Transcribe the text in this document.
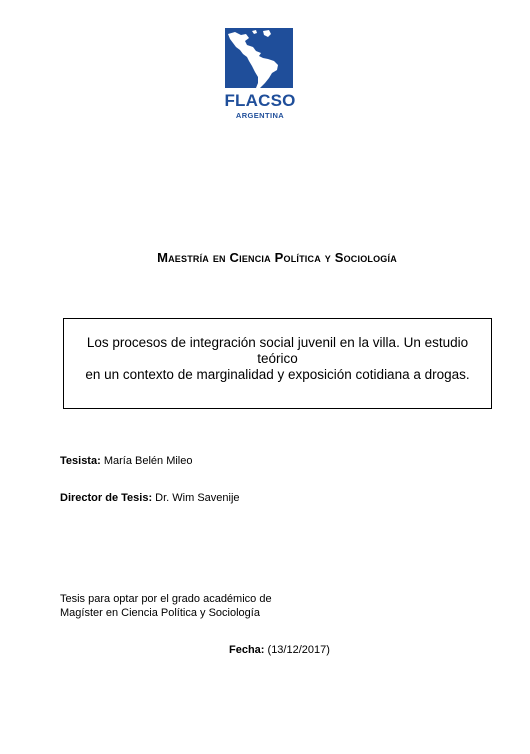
FLACSO
ARGENTINA
Maestría en Ciencia Política y Sociología
Los procesos de integración social juvenil en la villa. Un estudio teórico
en un contexto de marginalidad y exposición cotidiana a drogas.
Tesista: María Belén Mileo
Director de Tesis: Dr. Wim Savenije
Tesis para optar por el grado académico de
Magíster en Ciencia Política y Sociología
Fecha: (13/12/2017)
